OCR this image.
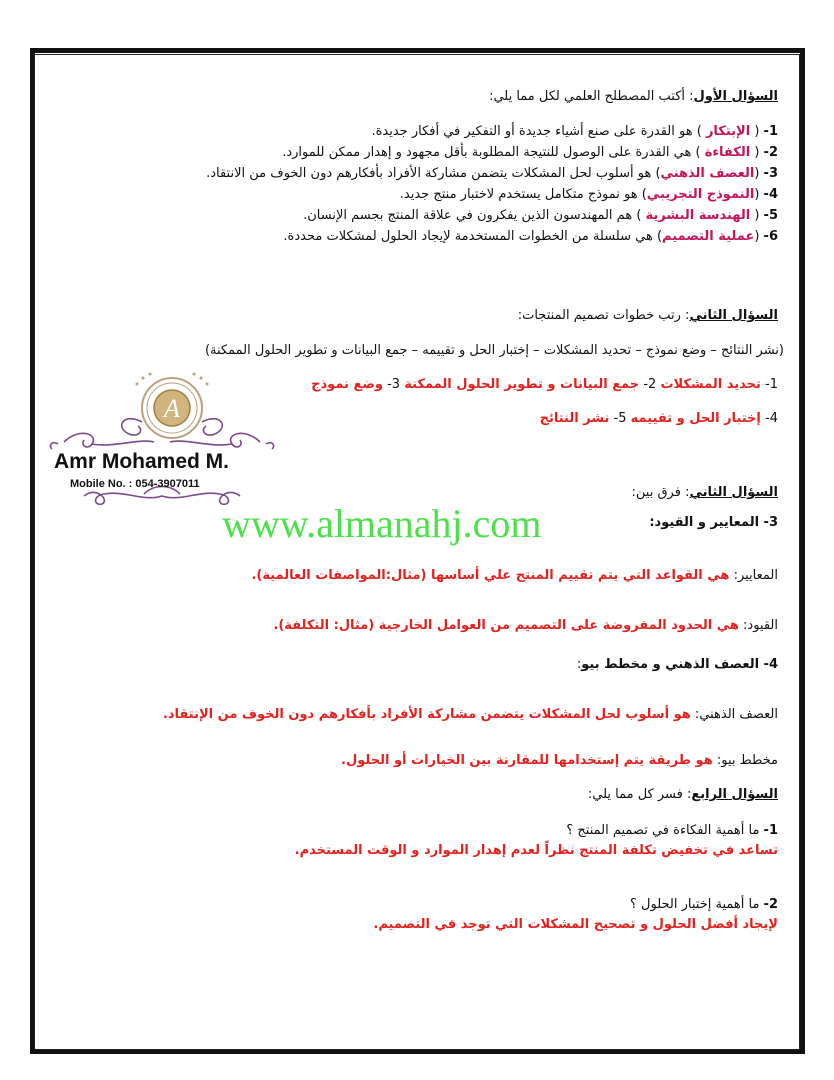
السؤال الأول: أكتب المصطلح العلمي لكل مما يلي:
1- ( الإبتكار ) هو القدرة على صنع أشياء جديدة أو التفكير في أفكار جديدة.
2- ( الكفاءة ) هي القدرة على الوصول للنتيجة المطلوبة بأقل مجهود و إهدار ممكن للموارد.
3- (العصف الذهني) هو أسلوب لحل المشكلات يتضمن مشاركة الأفراد بأفكارهم دون الخوف من الانتقاد.
4- (النموذج التجريبي) هو نموذج متكامل يستخدم لاختبار منتج جديد.
5- ( الهندسة البشرية ) هم المهندسون الذين يفكرون في علاقة المنتج بجسم الإنسان.
6- (عملية التصميم) هي سلسلة من الخطوات المستخدمة لإيجاد الحلول لمشكلات محددة.
السؤال الثاني: رتب خطوات تصميم المنتجات:
(نشر النتائج – وضع نموذج – تحديد المشكلات – إختبار الحل و تقييمه – جمع البيانات و تطوير الحلول الممكنة)
1- تحديد المشكلات 2- جمع البيانات و تطوير الحلول الممكنة 3- وضع نموذج
4- إختبار الحل و تقييمه 5- نشر النتائج
A
Amr Mohamed M.
Mobile No. : 054-3907011
السؤال الثاني: فرق بين:
3- المعايير و القيود:
www.almanahj.com
المعايير: هي القواعد التي يتم تقييم المنتج علي أساسها (مثال:المواصفات العالمية).
القيود: هي الحدود المفروضة على التصميم من العوامل الخارجية (مثال: التكلفة).
4- العصف الذهني و مخطط بيو:
العصف الذهني: هو أسلوب لحل المشكلات يتضمن مشاركة الأفراد بأفكارهم دون الخوف من الإنتقاد.
مخطط بيو: هو طريقة يتم إستخدامها للمقارنة بين الخيارات أو الحلول.
السؤال الرابع: فسر كل مما يلي:
1- ما أهمية الفكاءة في تصميم المنتج ؟
تساعد في تخفيض تكلفة المنتج نظراً لعدم إهدار الموارد و الوقت المستخدم.
2- ما أهمية إختبار الحلول ؟
لإيجاد أفضل الحلول و تصحيح المشكلات التي توجد في التصميم.
